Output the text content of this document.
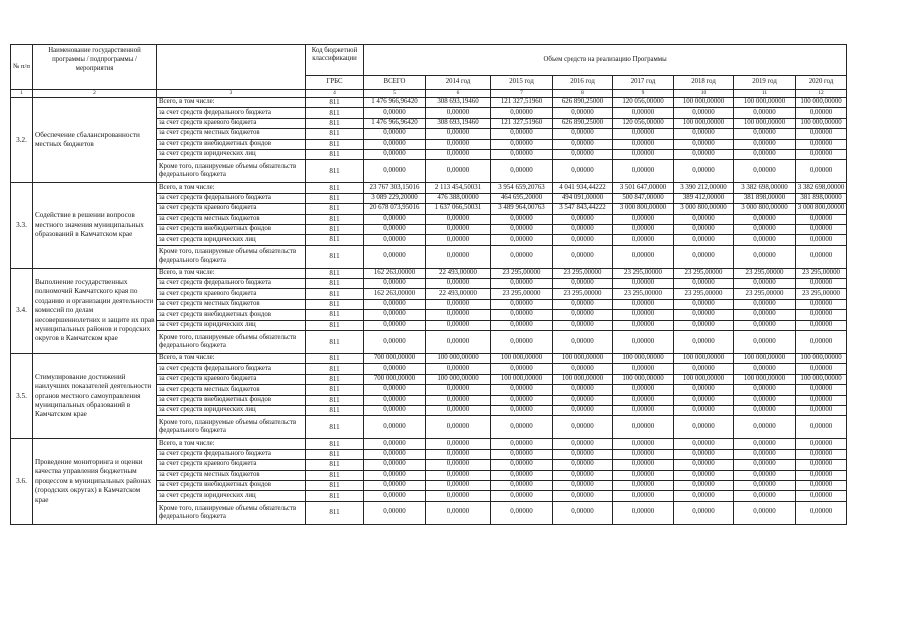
№ п/п	Наименование государственной программы / подпрограммы / мероприятия		Код бюджетной классификации	Объем средств на реализацию Программы							
			ГРБС	ВСЕГО	2014 год	2015 год	2016 год	2017 год	2018 год	2019 год	2020 год
1	2	3	4	5	6	7	8	9	10	11	12
3.2.	Обеспечение сбалансированности местных бюджетов	Всего, в том числе:	811	1 476 966,96420	308 693,19460	121 327,51960	626 890,25000	120 056,00000	100 000,00000	100 000,00000	100 000,00000
		за счет средств федерального бюджета	811	0,00000	0,00000	0,00000	0,00000	0,00000	0,00000	0,00000	0,00000
		за счет средств краевого бюджета	811	1 476 966,96420	308 693,19460	121 327,51960	626 890,25000	120 056,00000	100 000,00000	100 000,00000	100 000,00000
		за счет средств местных бюджетов	811	0,00000	0,00000	0,00000	0,00000	0,00000	0,00000	0,00000	0,00000
		за счет средств внебюджетных фондов	811	0,00000	0,00000	0,00000	0,00000	0,00000	0,00000	0,00000	0,00000
		за счет средств юридических лиц	811	0,00000	0,00000	0,00000	0,00000	0,00000	0,00000	0,00000	0,00000
		Кроме того, планируемые объемы обязательств федерального бюджета	811	0,00000	0,00000	0,00000	0,00000	0,00000	0,00000	0,00000	0,00000
3.3.	Содействие в решении вопросов местного значения муниципальных образований в Камчатском крае	Всего, в том числе:	811	23 767 303,15016	2 113 454,50031	3 954 659,20763	4 041 934,44222	3 501 647,00000	3 390 212,00000	3 382 698,00000	3 382 698,00000
		за счет средств федерального бюджета	811	3 089 229,20000	476 388,00000	464 695,20000	494 091,00000	500 847,00000	389 412,00000	381 898,00000	381 898,00000
		за счет средств краевого бюджета	811	20 678 073,95016	1 637 066,50031	3 489 964,00763	3 547 843,44222	3 000 800,00000	3 000 800,00000	3 000 800,00000	3 000 800,00000
		за счет средств местных бюджетов	811	0,00000	0,00000	0,00000	0,00000	0,00000	0,00000	0,00000	0,00000
		за счет средств внебюджетных фондов	811	0,00000	0,00000	0,00000	0,00000	0,00000	0,00000	0,00000	0,00000
		за счет средств юридических лиц	811	0,00000	0,00000	0,00000	0,00000	0,00000	0,00000	0,00000	0,00000
		Кроме того, планируемые объемы обязательств федерального бюджета	811	0,00000	0,00000	0,00000	0,00000	0,00000	0,00000	0,00000	0,00000
3.4.	Выполнение государственных полномочий Камчатского края по созданию и организации деятельности комиссий по делам несовершеннолетних и защите их прав муниципальных районов и городских округов в Камчатском крае	Всего, в том числе:	811	162 263,00000	22 493,00000	23 295,00000	23 295,00000	23 295,00000	23 295,00000	23 295,00000	23 295,00000
		за счет средств федерального бюджета	811	0,00000	0,00000	0,00000	0,00000	0,00000	0,00000	0,00000	0,00000
		за счет средств краевого бюджета	811	162 263,00000	22 493,00000	23 295,00000	23 295,00000	23 295,00000	23 295,00000	23 295,00000	23 295,00000
		за счет средств местных бюджетов	811	0,00000	0,00000	0,00000	0,00000	0,00000	0,00000	0,00000	0,00000
		за счет средств внебюджетных фондов	811	0,00000	0,00000	0,00000	0,00000	0,00000	0,00000	0,00000	0,00000
		за счет средств юридических лиц	811	0,00000	0,00000	0,00000	0,00000	0,00000	0,00000	0,00000	0,00000
		Кроме того, планируемые объемы обязательств федерального бюджета	811	0,00000	0,00000	0,00000	0,00000	0,00000	0,00000	0,00000	0,00000
3.5.	Стимулирование достижений наилучших показателей деятельности органов местного самоуправления муниципальных образований в Камчатском крае	Всего, в том числе:	811	700 000,00000	100 000,00000	100 000,00000	100 000,00000	100 000,00000	100 000,00000	100 000,00000	100 000,00000
		за счет средств федерального бюджета	811	0,00000	0,00000	0,00000	0,00000	0,00000	0,00000	0,00000	0,00000
		за счет средств краевого бюджета	811	700 000,00000	100 000,00000	100 000,00000	100 000,00000	100 000,00000	100 000,00000	100 000,00000	100 000,00000
		за счет средств местных бюджетов	811	0,00000	0,00000	0,00000	0,00000	0,00000	0,00000	0,00000	0,00000
		за счет средств внебюджетных фондов	811	0,00000	0,00000	0,00000	0,00000	0,00000	0,00000	0,00000	0,00000
		за счет средств юридических лиц	811	0,00000	0,00000	0,00000	0,00000	0,00000	0,00000	0,00000	0,00000
		Кроме того, планируемые объемы обязательств федерального бюджета	811	0,00000	0,00000	0,00000	0,00000	0,00000	0,00000	0,00000	0,00000
3.6.	Проведение мониторинга и оценки качества управления бюджетным процессом в муниципальных районах (городских округах) в Камчатском крае	Всего, в том числе:	811	0,00000	0,00000	0,00000	0,00000	0,00000	0,00000	0,00000	0,00000
		за счет средств федерального бюджета	811	0,00000	0,00000	0,00000	0,00000	0,00000	0,00000	0,00000	0,00000
		за счет средств краевого бюджета	811	0,00000	0,00000	0,00000	0,00000	0,00000	0,00000	0,00000	0,00000
		за счет средств местных бюджетов	811	0,00000	0,00000	0,00000	0,00000	0,00000	0,00000	0,00000	0,00000
		за счет средств внебюджетных фондов	811	0,00000	0,00000	0,00000	0,00000	0,00000	0,00000	0,00000	0,00000
		за счет средств юридических лиц	811	0,00000	0,00000	0,00000	0,00000	0,00000	0,00000	0,00000	0,00000
		Кроме того, планируемые объемы обязательств федерального бюджета	811	0,00000	0,00000	0,00000	0,00000	0,00000	0,00000	0,00000	0,00000
